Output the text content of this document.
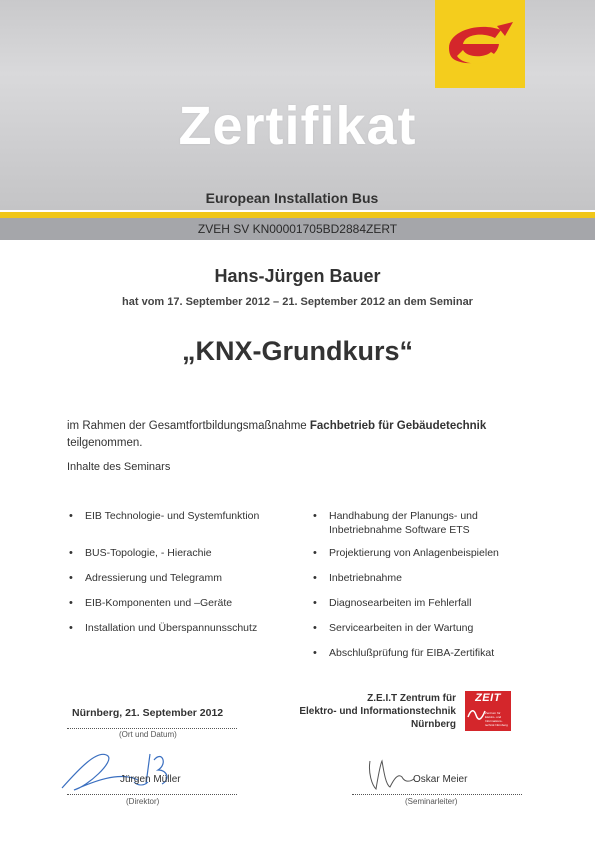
Zertifikat
European Installation Bus
ZVEH SV KN00001705BD2884ZERT
Hans-Jürgen Bauer
hat vom 17. September 2012 – 21. September 2012 an dem Seminar
„KNX-Grundkurs“
im Rahmen der Gesamtfortbildungsmaßnahme Fachbetrieb für Gebäudetechnik
teilgenommen.
Inhalte des Seminars
• EIB Technologie- und Systemfunktion
• BUS-Topologie, - Hierachie
• Adressierung und Telegramm
• EIB-Komponenten und –Geräte
• Installation und Überspannunsschutz
• Handhabung der Planungs- und
Inbetriebnahme Software ETS
• Projektierung von Anlagenbeispielen
• Inbetriebnahme
• Diagnosearbeiten im Fehlerfall
• Servicearbeiten in der Wartung
• Abschlußprüfung für EIBA-Zertifikat
Nürnberg, 21. September 2012
(Ort und Datum)
Z.E.I.T Zentrum für
Elektro- und Informationstechnik
Nürnberg
ZEIT
Zentrum für Elektro- und Informations- technik Nürnberg
Jürgen Müller
(Direktor)
Oskar Meier
(Seminarleiter)
